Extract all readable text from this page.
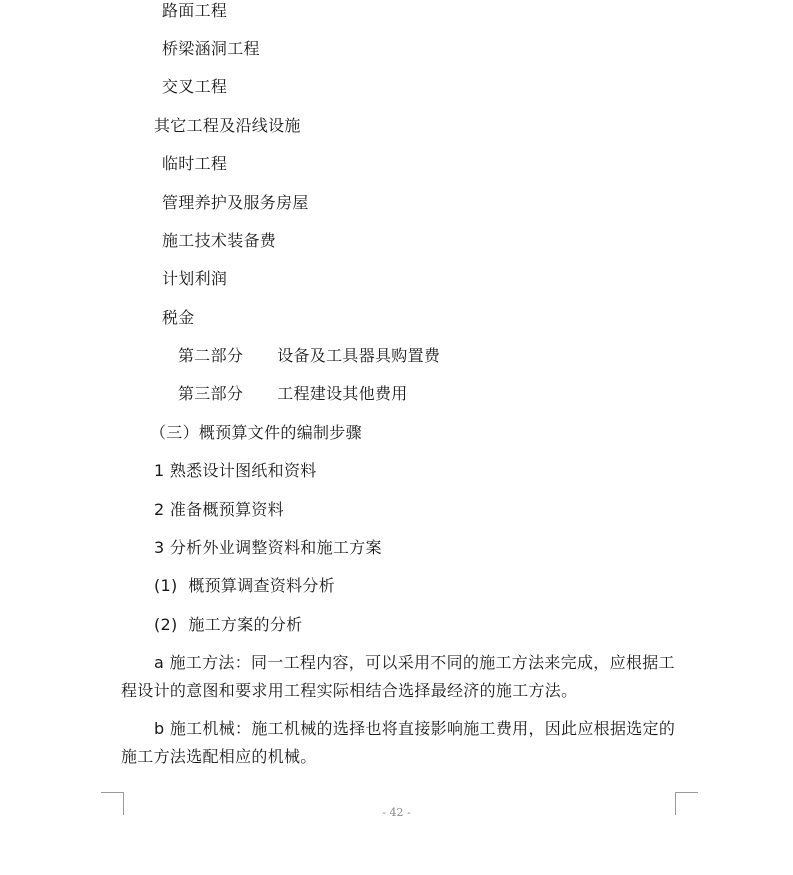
路面工程
桥梁涵洞工程
交叉工程
其它工程及沿线设施
临时工程
管理养护及服务房屋
施工技术装备费
计划利润
税金
第二部分 设备及工具器具购置费
第三部分 工程建设其他费用
（三）概预算文件的编制步骤
1 熟悉设计图纸和资料
2 准备概预算资料
3 分析外业调整资料和施工方案
(1)  概预算调查资料分析
(2)  施工方案的分析
a 施工方法：同一工程内容，可以采用不同的施工方法来完成，应根据工
程设计的意图和要求用工程实际相结合选择最经济的施工方法。
b 施工机械：施工机械的选择也将直接影响施工费用，因此应根据选定的
施工方法选配相应的机械。
- 42 -
